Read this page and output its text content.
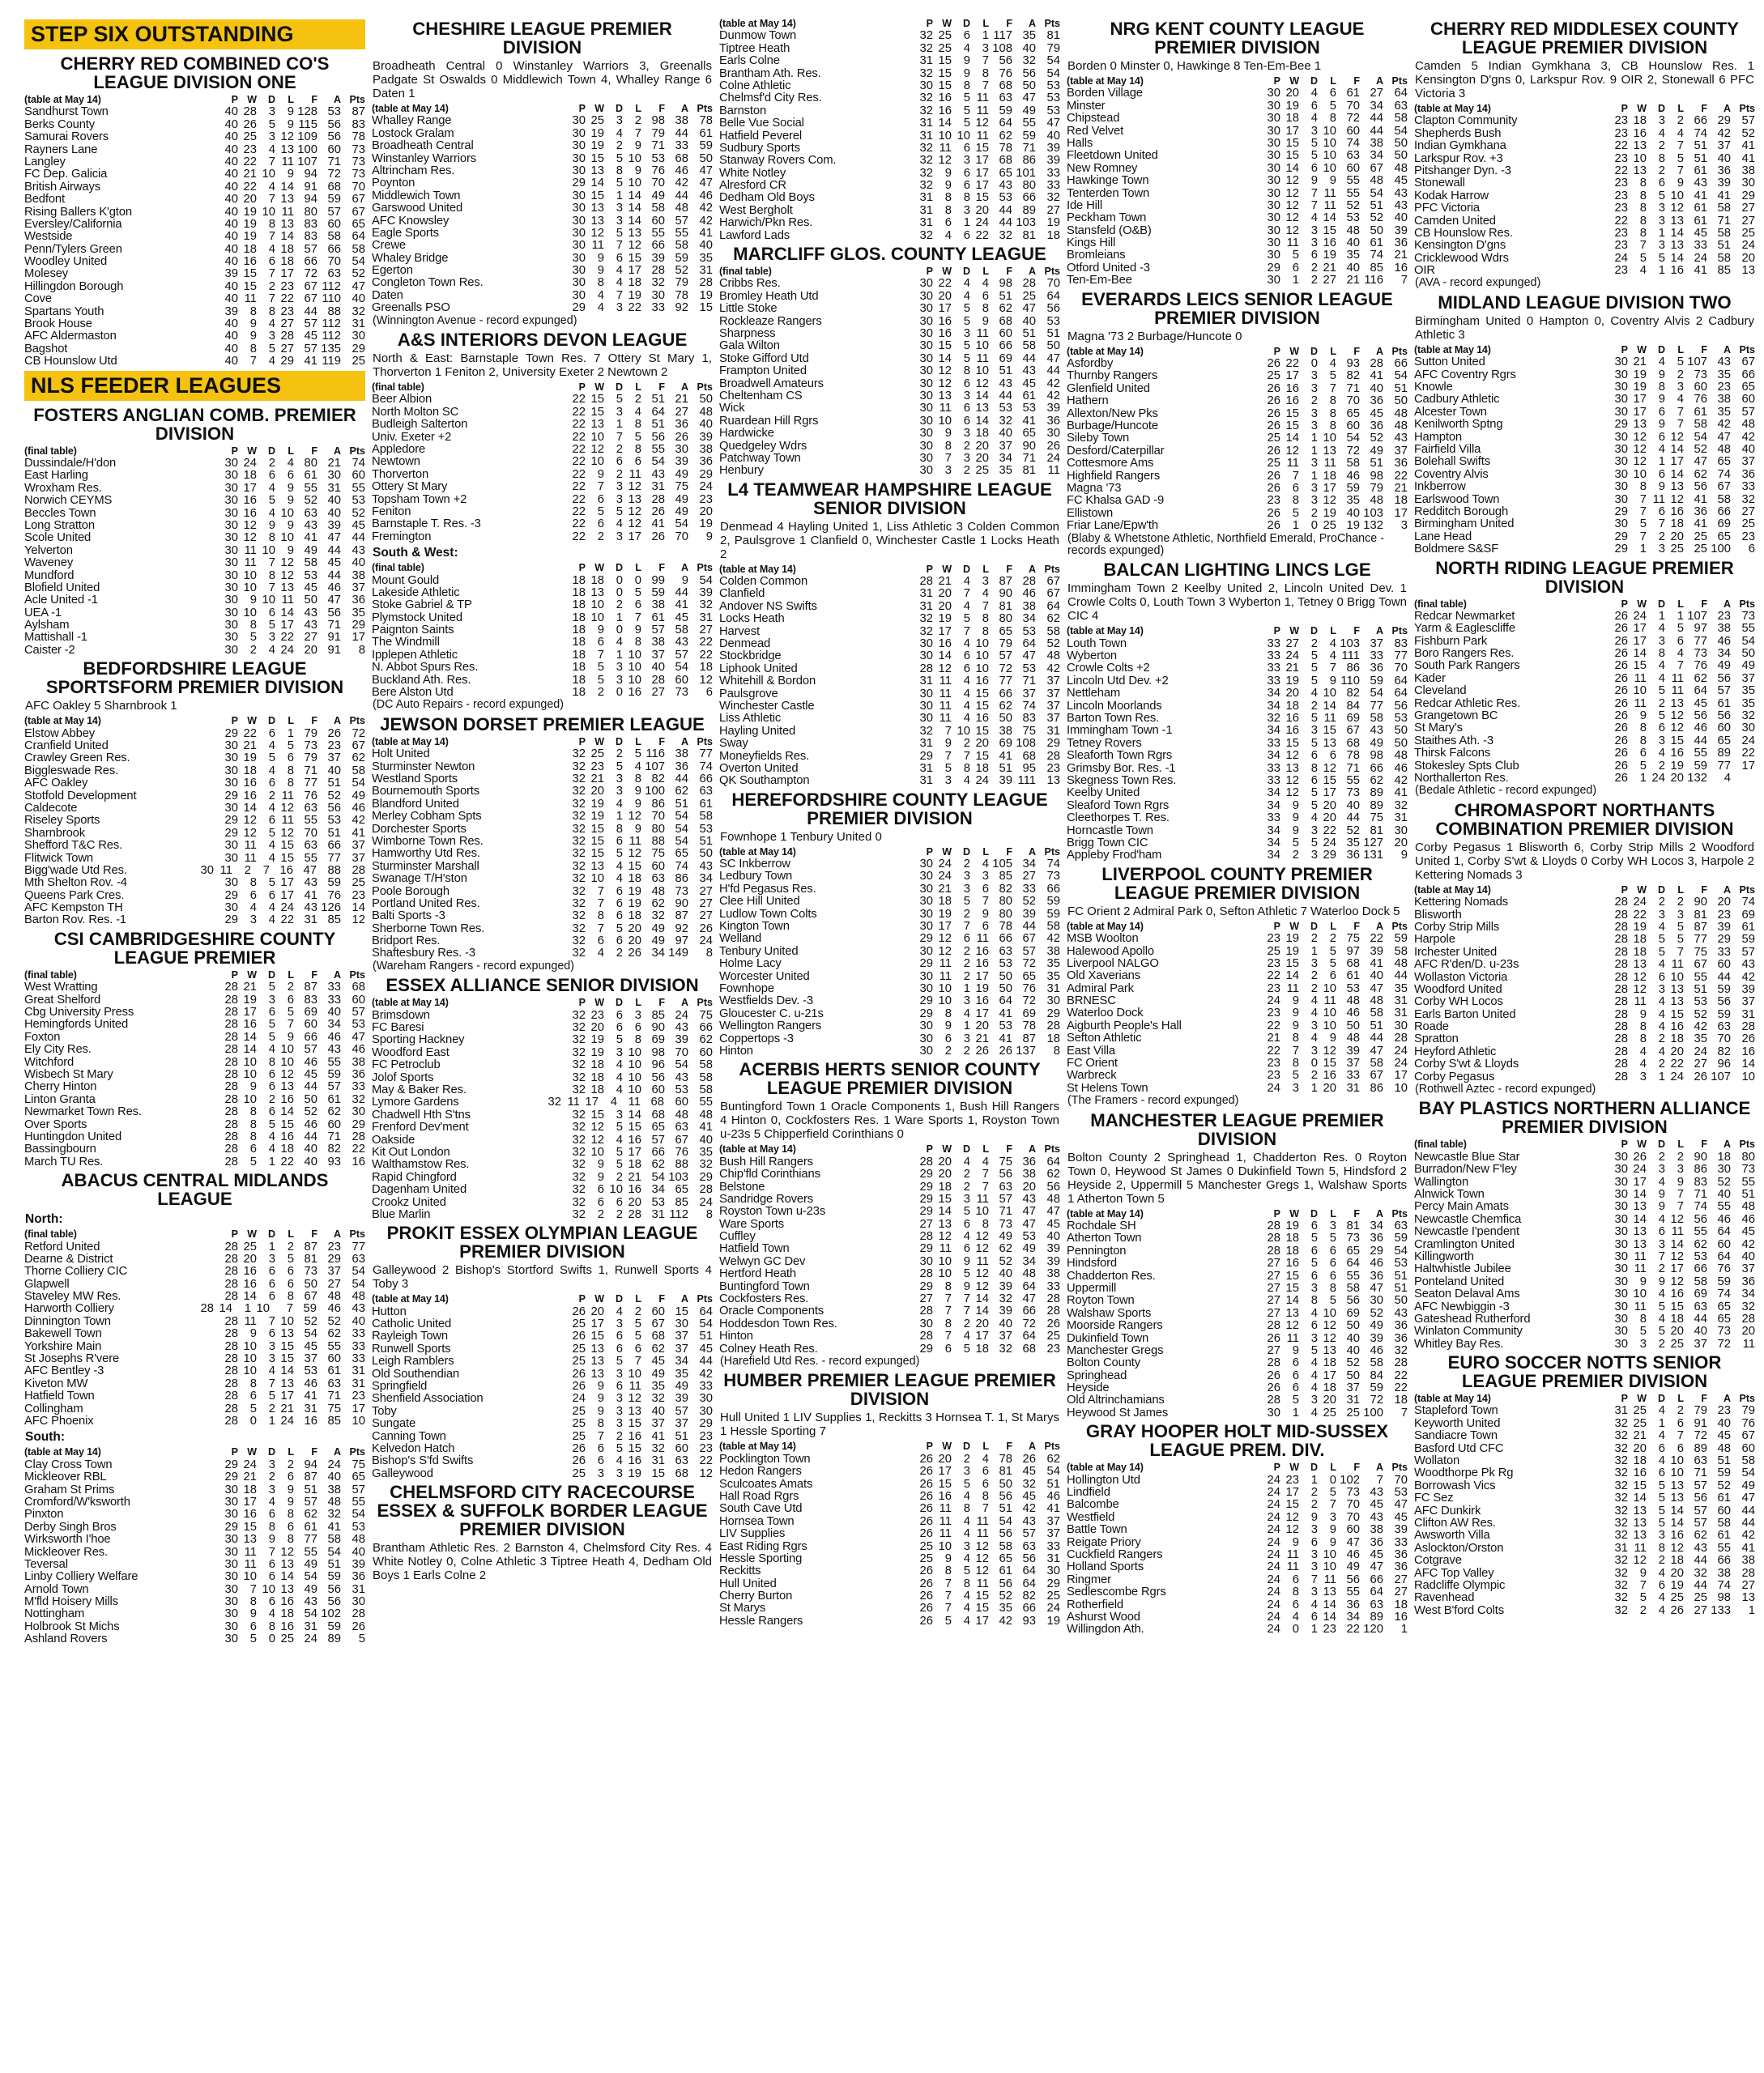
STEP SIX OUTSTANDING
CHERRY RED COMBINED CO'S LEAGUE DIVISION ONE
(table at May 14)	P W	D	L	F	A Pts
Sandhurst Town	40 28 3 9 128 53 87
Berks County	40 26 5 9 115 56 83
Samurai Rovers	40 25 3 12 109 56 78
Rayners Lane	40 23 4 13 100 60 73
Langley	40 22 7 11 107 71 73
FC Dep. Galicia	40 21 10 9 94 72 73
British Airways	40 22 4 14 91 68 70
Bedfont	40 20 7 13 94 59 67
Rising Ballers K'gton	40 19 10 11 80 57 67
Eversley/California	40 19 8 13 83 60 65
Westside	40 19 7 14 83 58 64
Penn/Tylers Green	40 18 4 18 57 66 58
Woodley United	40 16 6 18 66 70 54
Molesey	39 15 7 17 72 63 52
Hillingdon Borough	40 15 2 23 67 112 47
Cove	40 11 7 22 67 110 40
Spartans Youth	39 8 8 23 44 88 32
Brook House	40 9 4 27 57 112 31
AFC Aldermaston	40 9 3 28 45 112 30
Bagshot	40 8 5 27 57 135 29
CB Hounslow Utd	40 7 4 29 41 119 25
NLS FEEDER LEAGUES
FOSTERS ANGLIAN COMB. PREMIER DIVISION
(final table)	P W	D	L	F	A Pts
Dussindale/H'don	30 24 2 4 80 21 74
East Harling	30 18 6 6 61 30 60
Wroxham Res.	30 17 4 9 55 31 55
Norwich CEYMS	30 16 5 9 52 40 53
Beccles Town	30 16 4 10 63 40 52
Long Stratton	30 12 9 9 43 39 45
Scole United	30 12 8 10 41 47 44
Yelverton	30 11 10 9 49 44 43
Waveney	30 11 7 12 58 45 40
Mundford	30 10 8 12 53 44 38
Blofield United	30 10 7 13 45 46 37
Acle United -1	30 9 10 11 50 47 36
UEA -1	30 10 6 14 43 56 35
Aylsham	30 8 5 17 43 71 29
Mattishall -1	30 5 3 22 27 91 17
Caister -2	30 2 4 24 20 91	8
BEDFORDSHIRE LEAGUE SPORTSFORM PREMIER DIVISION
AFC Oakley 5 Sharnbrook 1
(table at May 14)	P W	D	L	F	A Pts
Elstow Abbey	29 22 6 1 79 26 72
Cranfield United	30 21 4 5 73 23 67
Crawley Green Res.	30 19 5 6 79 37 62
Biggleswade Res.	30 18 4 8 71 40 58
AFC Oakley	30 16 6 8 77 51 54
Stotfold Development	29 16 2 11 76 52 49
Caldecote	30 14 4 12 63 56 46
Riseley Sports	29 12 6 11 55 53 42
Sharnbrook	29 12 5 12 70 51 41
Shefford T&C Res.	30 11 4 15 63 66 37
Flitwick Town	30 11 4 15 55 77 37
Bigg'wade Utd Res.	30 11 2 7 16 47 88 28
Mth Shelton Rov. -4	30 8 5 17 43 59 25
Queens Park Cres.	29 6 6 17 41 76 23
AFC Kempston TH	30 4 4 24 43 126 14
Barton Rov. Res. -1	29 3 4 22 31 85 12
CSI CAMBRIDGESHIRE COUNTY LEAGUE PREMIER
(final table)	P W	D	L	F	A Pts
West Wratting	28 21 5 2 87 33 68
Great Shelford	28 19 3 6 83 33 60
Cbg University Press	28 17 6 5 69 40 57
Hemingfords United	28 16 5 7 60 34 53
Foxton	28 14 5 9 66 46 47
Ely City Res.	28 14 4 10 57 43 46
Witchford	28 10 8 10 46 55 38
Wisbech St Mary	28 10 6 12 45 59 36
Cherry Hinton	28 9 6 13 44 57 33
Linton Granta	28 10 2 16 50 61 32
Newmarket Town Res.	28 8 6 14 52 62 30
Over Sports	28 8 5 15 46 60 29
Huntingdon United	28 8 4 16 44 71 28
Bassingbourn	28 6 4 18 40 82 22
March TU Res.	28 5 1 22 40 93 16
ABACUS CENTRAL MIDLANDS LEAGUE
North:
(final table)	P W	D	L	F	A Pts
Retford United	28 25 1 2 87 23 77
Dearne & District	28 20 3 5 81 29 63
Thorne Colliery CIC	28 16 6 6 73 37 54
Glapwell	28 16 6 6 50 27 54
Staveley MW Res.	28 14 6 8 67 48 48
Harworth Colliery	28 14 1 10	7 59 46 43
Dinnington Town	28 11 7 10 52 52 40
Bakewell Town	28 9 6 13 54 62 33
Yorkshire Main	28 10 3 15 45 55 33
St Josephs R'vere	28 10 3 15 37 60 33
AFC Bentley -3	28 10 4 14 53 61 31
Kiveton MW	28 8 7 13 46 63 31
Hatfield Town	28 6 5 17 41 71 23
Collingham	28 5 2 21 31 75 17
AFC Phoenix	28 0 1 24 16 85 10
South:
(table at May 14)	P W	D	L	F	A Pts
Clay Cross Town	29 24 3 2 94 24 75
Mickleover RBL	29 21 2 6 87 40 65
Graham St Prims	30 18 3 9 51 38 57
Cromford/W'ksworth	30 17 4 9 57 48 55
Pinxton	30 16 6 8 62 32 54
Derby Singh Bros	29 15 8 6 61 41 53
Wirksworth I'hoe	30 13 9 8 77 58 48
Mickleover Res.	30 11 7 12 55 54 40
Teversal	30 11 6 13 49 51 39
Linby Colliery Welfare	30 10 6 14 54 59 36
Arnold Town	30 7 10 13 49 56 31
M'fld Hoisery Mills	30 8 6 16 43 56 30
Nottingham	30 9 4 18 54 102 28
Holbrook St Michs	30 6 8 16 31 59 26
Ashland Rovers	30 5 0 25 24 89	5
CHESHIRE LEAGUE PREMIER DIVISION
Broadheath Central 0 Winstanley Warriors 3, Greenalls Padgate St Oswalds 0 Middlewich Town 4, Whalley Range 6 Daten 1
(table at May 14)	P W	D	L	F	A Pts
Whalley Range	30 25 3 2 98 38 78
Lostock Gralam	30 19 4 7 79 44 61
Broadheath Central	30 19 2 9 71 33 59
Winstanley Warriors	30 15 5 10 53 68 50
Altrincham Res.	30 13 8 9 76 46 47
Poynton	29 14 5 10 70 42 47
Middlewich Town	30 15 1 14 49 44 46
Garswood United	30 13 3 14 58 48 42
AFC Knowsley	30 13 3 14 60 57 42
Eagle Sports	30 12 5 13 55 55 41
Crewe	30 11 7 12 66 58 40
Whaley Bridge	30 9 6 15 39 59 35
Egerton	30 9 4 17 28 52 31
Congleton Town Res.	30 8 4 18 32 79 28
Daten	30 4 7 19 30 78 19
Greenalls PSO	29 4 3 22 33 92 15
(Winnington Avenue - record expunged)
A&S INTERIORS DEVON LEAGUE
North & East: Barnstaple Town Res. 7 Ottery St Mary 1, Thorverton 1 Feniton 2, University Exeter 2 Newtown 2
(final table)	P W	D	L	F	A Pts
Beer Albion	22 15 5 2 51 21 50
North Molton SC	22 15 3 4 64 27 48
Budleigh Salterton	22 13 1 8 51 36 40
Univ. Exeter +2	22 10 7 5 56 26 39
Appledore	22 12 2 8 55 30 38
Newtown	22 10 6 6 54 39 36
Thorverton	22 9 2 11 43 49 29
Ottery St Mary	22 7 3 12 31 75 24
Topsham Town +2	22 6 3 13 28 49 23
Feniton	22 5 5 12 26 49 20
Barnstaple T. Res. -3	22 6 4 12 41 54 19
Fremington	22 2 3 17 26 70	9
South & West:
(final table)	P W	D	L	F	A Pts
Mount Gould	18 18 0 0 99	9 54
Lakeside Athletic	18 13 0 5 59 44 39
Stoke Gabriel & TP	18 10 2 6 38 41 32
Plymstock United	18 10 1 7 61 45 31
Paignton Saints	18 9 0 9 57 58 27
The Windmill	18 6 4 8 38 43 22
Ipplepen Athletic	18 7 1 10 37 57 22
N. Abbot Spurs Res.	18 5 3 10 40 54 18
Buckland Ath. Res.	18 5 3 10 28 60 12
Bere Alston Utd	18 2 0 16 27 73	6
(DC Auto Repairs - record expunged)
JEWSON DORSET PREMIER LEAGUE
(table at May 14)	P W	D	L	F	A Pts
Holt United	32 25 2 5 116 38 77
Sturminster Newton	32 23 5 4 107 36 74
Westland Sports	32 21 3 8 82 44 66
Bournemouth Sports	32 20 3 9 100 62 63
Blandford United	32 19 4 9 86 51 61
Merley Cobham Spts	32 19 1 12 70 54 58
Dorchester Sports	32 15 8 9 80 54 53
Wimborne Town Res.	32 15 6 11 88 54 51
Hamworthy Utd Res.	32 15 5 12 75 65 50
Sturminster Marshall	32 13 4 15 60 74 43
Swanage T/H'ston	32 10 4 18 63 86 34
Poole Borough	32 7 6 19 48 73 27
Portland United Res.	32 7 6 19 62 90 27
Balti Sports -3	32 8 6 18 32 87 27
Sherborne Town Res.	32 7 5 20 49 92 26
Bridport Res.	32 6 6 20 49 97 24
Shaftesbury Res. -3	32 4 2 26 34 149	8
(Wareham Rangers - record expunged)
ESSEX ALLIANCE SENIOR DIVISION
(table at May 14)	P W	D	L	F	A Pts
Brimsdown	32 23 6 3 85 24 75
FC Baresi	32 20 6 6 90 43 66
Sporting Hackney	32 19 5 8 69 39 62
Woodford East	32 19 3 10 98 70 60
FC Petroclub	32 18 4 10 96 54 58
Jolof Sports	32 18 4 10 56 43 58
May & Baker Res.	32 18 4 10 60 53 58
Lymore Gardens	32 11 17 4 11 68 60 55
Chadwell Hth S'tns	32 15 3 14 68 48 48
Frenford Dev'ment	32 12 5 15 65 63 41
Oakside	32 12 4 16 57 67 40
Kit Out London	32 10 5 17 66 76 35
Walthamstow Res.	32 9 5 18 62 88 32
Rapid Chingford	32 9 2 21 54 103 29
Dagenham United	32 6 10 16 34 65 28
Crookz United	32 6 6 20 53 85 24
Blue Marlin	32 2 2 28 31 112	8
PROKIT ESSEX OLYMPIAN LEAGUE PREMIER DIVISION
Galleywood 2 Bishop's Stortford Swifts 1, Runwell Sports 4 Toby 3
(table at May 14)	P W	D	L	F	A Pts
Hutton	26 20 4 2 60 15 64
Catholic United	25 17 3 5 67 30 54
Rayleigh Town	26 15 6 5 68 37 51
Runwell Sports	25 13 6 6 62 37 45
Leigh Ramblers	25 13 5 7 45 34 44
Old Southendian	26 13 3 10 49 35 42
Springfield	26 9 6 11 35 49 33
Shenfield Association	24 9 3 12 32 39 30
Toby	25 9 3 13 40 57 30
Sungate	25 8 3 15 37 37 29
Canning Town	25 7 2 16 41 51 23
Kelvedon Hatch	26 6 5 15 32 60 23
Bishop's S'fd Swifts	26 6 4 16 31 63 22
Galleywood	25 3 3 19 15 68 12
CHELMSFORD CITY RACECOURSE ESSEX & SUFFOLK BORDER LEAGUE PREMIER DIVISION
Brantham Athletic Res. 2 Barnston 4, Chelmsford City Res. 4 White Notley 0, Colne Athletic 3 Tiptree Heath 4, Dedham Old Boys 1 Earls Colne 2
(table at May 14)	P W	D	L	F	A Pts
Dunmow Town	32 25 6 1 117 35 81
Tiptree Heath	32 25 4 3 108 40 79
Earls Colne	31 15 9 7 56 32 54
Brantham Ath. Res.	32 15 9 8 76 56 54
Colne Athletic	30 15 8 7 68 50 53
Chelmsf'd City Res.	32 16 5 11 63 47 53
Barnston	32 16 5 11 59 49 53
Belle Vue Social	31 14 5 12 64 55 47
Hatfield Peverel	31 10 10 11 62 59 40
Sudbury Sports	32 11 6 15 78 71 39
Stanway Rovers Com.	32 12 3 17 68 86 39
White Notley	32 9 6 17 65 101 33
Alresford CR	32 9 6 17 43 80 33
Dedham Old Boys	31 8 8 15 53 66 32
West Bergholt	31 8 3 20 44 89 27
Harwich/Pkn Res.	31 6 1 24 44 103 19
Lawford Lads	32 4 6 22 32 81 18
MARCLIFF GLOS. COUNTY LEAGUE
(final table)	P W	D	L	F	A Pts
Cribbs Res.	30 22 4 4 98 28 70
Bromley Heath Utd	30 20 4 6 51 25 64
Little Stoke	30 17 5 8 62 47 56
Rockleaze Rangers	30 16 5 9 68 40 53
Sharpness	30 16 3 11 60 51 51
Gala Wilton	30 15 5 10 66 58 50
Stoke Gifford Utd	30 14 5 11 69 44 47
Frampton United	30 12 8 10 51 43 44
Broadwell Amateurs	30 12 6 12 43 45 42
Cheltenham CS	30 13 3 14 44 61 42
Wick	30 11 6 13 53 53 39
Ruardean Hill Rgrs	30 10 6 14 32 41 36
Hardwicke	30 9 3 18 40 65 30
Quedgeley Wdrs	30 8 2 20 37 90 26
Patchway Town	30 7 3 20 34 71 24
Henbury	30 3 2 25 35 81 11
L4 TEAMWEAR HAMPSHIRE LEAGUE SENIOR DIVISION
Denmead 4 Hayling United 1, Liss Athletic 3 Colden Common 2, Paulsgrove 1 Clanfield 0, Winchester Castle 1 Locks Heath 2
(table at May 14)	P W	D	L	F	A Pts
Colden Common	28 21 4 3 87 28 67
Clanfield	31 20 7 4 90 46 67
Andover NS Swifts	31 20 4 7 81 38 64
Locks Heath	32 19 5 8 80 34 62
Harvest	32 17 7 8 65 53 58
Denmead	30 16 4 10 79 64 52
Stockbridge	30 14 6 10 57 47 48
Liphook United	28 12 6 10 72 53 42
Whitehill & Bordon	31 11 4 16 77 71 37
Paulsgrove	30 11 4 15 66 37 37
Winchester Castle	30 11 4 15 62 74 37
Liss Athletic	30 11 4 16 50 83 37
Hayling United	32 7 10 15 38 75 31
Sway	31 9 2 20 69 108 29
Moneyfields Res.	29 7 7 15 41 68 28
Overton United	31 5 8 18 51 95 23
QK Southampton	31 3 4 24 39 111 13
HEREFORDSHIRE COUNTY LEAGUE PREMIER DIVISION
Fownhope 1 Tenbury United 0
(table at May 14)	P W	D	L	F	A Pts
SC Inkberrow	30 24 2 4 105 34 74
Ledbury Town	30 24 3 3 85 27 73
H'fd Pegasus Res.	30 21 3 6 82 33 66
Clee Hill United	30 18 5 7 80 52 59
Ludlow Town Colts	30 19 2 9 80 39 59
Kington Town	30 17 7 6 78 44 58
Welland	29 12 6 11 66 67 42
Tenbury United	30 12 2 16 63 57 38
Holme Lacy	29 11 2 16 53 72 35
Worcester United	30 11 2 17 50 65 35
Fownhope	30 10 1 19 50 76 31
Westfields Dev. -3	29 10 3 16 64 72 30
Gloucester C. u-21s	29 8 4 17 41 69 29
Wellington Rangers	30 9 1 20 53 78 28
Coppertops -3	30 6 3 21 41 87 18
Hinton	30 2 2 26 26 137	8
ACERBIS HERTS SENIOR COUNTY LEAGUE PREMIER DIVISION
Buntingford Town 1 Oracle Components 1, Bush Hill Rangers 4 Hinton 0, Cockfosters Res. 1 Ware Sports 1, Royston Town u-23s 5 Chipperfield Corinthians 0
(table at May 14)	P W	D	L	F	A Pts
Bush Hill Rangers	28 20 4 4 75 36 64
Chip'fld Corinthians	29 20 2 7 56 38 62
Belstone	29 18 2 7 63 20 56
Sandridge Rovers	29 15 3 11 57 43 48
Royston Town u-23s	29 14 5 10 71 47 47
Ware Sports	27 13 6 8 73 47 45
Cuffley	28 12 4 12 49 53 40
Hatfield Town	29 11 6 12 62 49 39
Welwyn GC Dev	30 10 9 11 52 34 39
Hertford Heath	28 10 5 12 40 48 38
Buntingford Town	29 8 9 12 39 64 33
Cockfosters Res.	27 7 7 14 32 47 28
Oracle Components	28 7 7 14 39 66 28
Hoddesdon Town Res.	30 8 2 20 40 72 26
Hinton	28 7 4 17 37 64 25
Colney Heath Res.	29 6 5 18 32 68 23
(Harefield Utd Res. - record expunged)
HUMBER PREMIER LEAGUE PREMIER DIVISION
Hull United 1 LIV Supplies 1, Reckitts 3 Hornsea T. 1, St Marys 1 Hessle Sporting 7
(table at May 14)	P W	D	L	F	A Pts
Pocklington Town	26 20 2 4 78 26 62
Hedon Rangers	26 17 3 6 81 45 54
Sculcoates Amats	26 15 5 6 50 32 51
Hall Road Rgrs	26 16 4 8 56 45 46
South Cave Utd	26 11 8 7 51 42 41
Hornsea Town	26 11 4 11 54 43 37
LIV Supplies	26 11 4 11 56 57 37
East Riding Rgrs	25 10 3 12 58 63 33
Hessle Sporting	25 9 4 12 65 56 31
Reckitts	26 8 5 12 61 64 30
Hull United	26 7 8 11 56 64 29
Cherry Burton	26 7 4 15 52 82 25
St Marys	26 7 4 15 35 66 24
Hessle Rangers	26 5 4 17 42 93 19
NRG KENT COUNTY LEAGUE PREMIER DIVISION
Borden 0 Minster 0, Hawkinge 8 Ten-Em-Bee 1
(table at May 14)	P W	D	L	F	A Pts
Borden Village	30 20 4 6 61 27 64
Minster	30 19 6 5 70 34 63
Chipstead	30 18 4 8 72 44 58
Red Velvet	30 17 3 10 60 44 54
Halls	30 15 5 10 74 38 50
Fleetdown United	30 15 5 10 63 34 50
New Romney	30 14 6 10 60 67 48
Hawkinge Town	30 12 9 9 55 48 45
Tenterden Town	30 12 7 11 55 54 43
Ide Hill	30 12 7 11 52 51 43
Peckham Town	30 12 4 14 53 52 40
Stansfeld (O&B)	30 12 3 15 48 50 39
Kings Hill	30 11 3 16 40 61 36
Bromleians	30 5 6 19 35 74 21
Otford United -3	29 6 2 21 40 85 16
Ten-Em-Bee	30 1 2 27 21 116	7
EVERARDS LEICS SENIOR LEAGUE PREMIER DIVISION
Magna '73 2 Burbage/Huncote 0
(table at May 14)	P W	D	L	F	A Pts
Asfordby	26 22 0 4 93 28 66
Thurnby Rangers	25 17 3 5 82 41 54
Glenfield United	26 16 3 7 71 40 51
Hathern	26 16 2 8 70 36 50
Allexton/New Pks	26 15 3 8 65 45 48
Burbage/Huncote	26 15 3 8 60 36 48
Sileby Town	25 14 1 10 54 52 43
Desford/Caterpillar	26 12 1 13 72 49 37
Cottesmore Ams	25 11 3 11 58 51 36
Highfield Rangers	26 7 1 18 46 98 22
Magna '73	26 6 3 17 59 79 21
FC Khalsa GAD -9	23 8 3 12 35 48 18
Ellistown	26 5 2 19 40 103 17
Friar Lane/Epw'th	26 1 0 25 19 132	3
(Blaby & Whetstone Athletic, Northfield Emerald, ProChance - records expunged)
BALCAN LIGHTING LINCS LGE
Immingham Town 2 Keelby United 2, Lincoln United Dev. 1 Crowle Colts 0, Louth Town 3 Wyberton 1, Tetney 0 Brigg Town CIC 4
(table at May 14)	P W	D	L	F	A Pts
Louth Town	33 27 2 4 103 37 83
Wyberton	33 24 5 4 111 33 77
Crowle Colts +2	33 21 5 7 86 36 70
Lincoln Utd Dev. +2	33 19 5 9 110 59 64
Nettleham	34 20 4 10 82 54 64
Lincoln Moorlands	34 18 2 14 84 77 56
Barton Town Res.	32 16 5 11 69 58 53
Immingham Town -1	34 16 3 15 67 43 50
Tetney Rovers	33 15 5 13 68 49 50
Sleaforth Town Rgrs	34 12 6 6 78 98 48
Grimsby Bor. Res. -1	33 13 8 12 71 66 46
Skegness Town Res.	33 12 6 15 55 62 42
Keelby United	34 12 5 17 73 89 41
Sleaford Town Rgrs	34 9 5 20 40 89 32
Cleethorpes T. Res.	33 9 4 20 44 75 31
Horncastle Town	34 9 3 22 52 81 30
Brigg Town CIC	34 5 5 24 35 127 20
Appleby Frod'ham	34 2 3 29 36 131	9
LIVERPOOL COUNTY PREMIER LEAGUE PREMIER DIVISION
FC Orient 2 Admiral Park 0, Sefton Athletic 7 Waterloo Dock 5
(table at May 14)	P W	D	L	F	A Pts
MSB Woolton	23 19 2 2 75 22 59
Halewood Apollo	25 19 1 5 97 39 58
Liverpool NALGO	23 15 3 5 68 41 48
Old Xaverians	22 14 2 6 61 40 44
Admiral Park	23 11 2 10 53 47 35
BRNESC	24 9 4 11 48 48 31
Waterloo Dock	23 9 4 10 46 58 31
Aigburth People's Hall	22 9 3 10 50 51 30
Sefton Athletic	21 8 4 9 48 44 28
East Villa	22 7 3 12 39 47 24
FC Orient	23 8 0 15 37 58 24
Warbreck	23 5 2 16 33 67 17
St Helens Town	24 3 1 20 31 86 10
(The Framers - record expunged)
MANCHESTER LEAGUE PREMIER DIVISION
Bolton County 2 Springhead 1, Chadderton Res. 0 Royton Town 0, Heywood St James 0 Dukinfield Town 5, Hindsford 2 Heyside 2, Uppermill 5 Manchester Gregs 1, Walshaw Sports 1 Atherton Town 5
(table at May 14)	P W	D	L	F	A Pts
Rochdale SH	28 19 6 3 81 34 63
Atherton Town	28 18 5 5 73 36 59
Pennington	28 18 6 6 65 29 54
Hindsford	27 16 5 6 64 46 53
Chadderton Res.	27 15 6 6 55 36 51
Uppermill	27 15 3 8 58 47 51
Royton Town	27 14 8 5 56 30 50
Walshaw Sports	27 13 4 10 69 52 43
Moorside Rangers	28 12 6 12 50 49 36
Dukinfield Town	26 11 3 12 40 39 36
Manchester Gregs	27 9 5 13 40 46 32
Bolton County	28 6 4 18 52 58 28
Springhead	26 6 4 17 50 84 22
Heyside	26 6 4 18 37 59 22
Old Altrinchamians	28 5 3 20 31 72 18
Heywood St James	30 1 4 25 25 100	7
GRAY HOOPER HOLT MID-SUSSEX LEAGUE PREM. DIV.
(table at May 14)	P W	D	L	F	A Pts
Hollington Utd	24 23 1 0 102	7 70
Lindfield	24 17 2 5 73 43 53
Balcombe	24 15 2 7 70 45 47
Westfield	24 12 9 3 70 43 45
Battle Town	24 12 3 9 60 38 39
Reigate Priory	24 9 6 9 47 36 33
Cuckfield Rangers	24 11 3 10 46 45 36
Holland Sports	24 11 3 10 49 47 36
Ringmer	24 6 7 11 56 66 27
Sedlescombe Rgrs	24 8 3 13 55 64 27
Rotherfield	24 6 4 14 36 63 18
Ashurst Wood	24 4 6 14 34 89 16
Willingdon Ath.	24 0 1 23 22 120	1
CHERRY RED MIDDLESEX COUNTY LEAGUE PREMIER DIVISION
Camden 5 Indian Gymkhana 3, CB Hounslow Res. 1 Kensington D'gns 0, Larkspur Rov. 9 OIR 2, Stonewall 6 PFC Victoria 3
(table at May 14)	P W	D	L	F	A Pts
Clapton Community	23 18 3 2 66 29 57
Shepherds Bush	23 16 4 4 74 42 52
Indian Gymkhana	22 13 2 7 51 37 41
Larkspur Rov. +3	23 10 8 5 51 40 41
Pitshanger Dyn. -3	22 13 2 7 61 36 38
Stonewall	23 8 6 9 43 39 30
Kodak Harrow	23 8 5 10 41 41 29
PFC Victoria	23 8 3 12 61 58 27
Camden United	22 8 3 13 61 71 27
CB Hounslow Res.	23 8 1 14 45 58 25
Kensington D'gns	23 7 3 13 33 51 24
Cricklewood Wdrs	24 5 5 14 24 58 20
OIR	23 4 1 16 41 85 13
(AVA - record expunged)
MIDLAND LEAGUE DIVISION TWO
Birmingham United 0 Hampton 0, Coventry Alvis 2 Cadbury Athletic 3
(table at May 14)	P W	D	L	F	A Pts
Sutton United	30 21 4 5 107 43 67
AFC Coventry Rgrs	30 19 9 2 73 35 66
Knowle	30 19 8 3 60 23 65
Cadbury Athletic	30 17 9 4 76 38 60
Alcester Town	30 17 6 7 61 35 57
Kenilworth Sptng	29 13 9 7 58 42 48
Hampton	30 12 6 12 54 47 42
Fairfield Villa	30 12 4 14 52 48 40
Bolehall Swifts	30 12 1 17 47 65 37
Coventry Alvis	30 10 6 14 62 74 36
Inkberrow	30 8 9 13 56 67 33
Earlswood Town	30 7 11 12 41 58 32
Redditch Borough	29 7 6 16 36 66 27
Birmingham United	30 5 7 18 41 69 25
Lane Head	29 7 2 20 25 65 23
Boldmere S&SF	29 1 3 25 25 100	6
NORTH RIDING LEAGUE PREMIER DIVISION
(final table)	P W	D	L	F	A Pts
Redcar Newmarket	26 24 1 1 107 23 73
Yarm & Eaglescliffe	26 17 4 5 97 38 55
Fishburn Park	26 17 3 6 77 46 54
Boro Rangers Res.	26 14 8 4 73 34 50
South Park Rangers	26 15 4 7 76 49 49
Kader	26 11 4 11 62 56 37
Cleveland	26 10 5 11 64 57 35
Redcar Athletic Res.	26 11 2 13 45 61 35
Grangetown BC	26 9 5 12 56 56 32
St Mary's	26 8 6 12 46 60 30
Staithes Ath. -3	26 8 3 15 44 65 24
Thirsk Falcons	26 6 4 16 55 89 22
Stokesley Spts Club	26 5 2 19 59 77 17
Northallerton Res.	26 1 24 20 132	4
(Bedale Athletic - record expunged)
CHROMASPORT NORTHANTS COMBINATION PREMIER DIVISION
Corby Pegasus 1 Blisworth 6, Corby Strip Mills 2 Woodford United 1, Corby S'wt & Lloyds 0 Corby WH Locos 3, Harpole 2 Kettering Nomads 3
(table at May 14)	P W	D	L	F	A Pts
Kettering Nomads	28 24 2 2 90 20 74
Blisworth	28 22 3 3 81 23 69
Corby Strip Mills	28 19 4 5 87 39 61
Harpole	28 18 5 5 77 29 59
Irchester United	28 18 5 7 75 33 57
AFC R'den/D. u-23s	28 13 4 11 67 60 43
Wollaston Victoria	28 12 6 10 55 44 42
Woodford United	28 12 3 13 51 59 39
Corby WH Locos	28 11 4 13 53 56 37
Earls Barton United	28 9 4 15 52 59 31
Roade	28 8 4 16 42 63 28
Spratton	28 8 2 18 35 70 26
Heyford Athletic	28 4 4 20 24 82 16
Corby S'wt & Lloyds	28 4 2 22 27 96 14
Corby Pegasus	28 3 1 24 26 107 10
(Rothwell Aztec - record expunged)
BAY PLASTICS NORTHERN ALLIANCE PREMIER DIVISION
(final table)	P W	D	L	F	A Pts
Newcastle Blue Star	30 26 2 2 90 18 80
Burradon/New F'ley	30 24 3 3 86 30 73
Wallington	30 17 4 9 83 52 55
Alnwick Town	30 14 9 7 71 40 51
Percy Main Amats	30 13 9 7 74 55 48
Newcastle Chemfica	30 14 4 12 56 46 46
Newcastle I'pendent	30 13 6 11 55 64 45
Cramlington United	30 13 3 14 62 60 42
Killingworth	30 11 7 12 53 64 40
Haltwhistle Jubilee	30 11 2 17 66 76 37
Ponteland United	30 9 9 12 58 59 36
Seaton Delaval Ams	30 10 4 16 69 74 34
AFC Newbiggin -3	30 11 5 15 63 65 32
Gateshead Rutherford	30 8 4 18 44 65 28
Winlaton Community	30 5 5 20 40 73 20
Whitley Bay Res.	30 3 2 25 37 72 11
EURO SOCCER NOTTS SENIOR LEAGUE PREMIER DIVISION
(table at May 14)	P W	D	L	F	A Pts
Stapleford Town	31 25 4 2 79 23 79
Keyworth United	32 25 1 6 91 40 76
Sandiacre Town	32 21 4 7 72 45 67
Basford Utd CFC	32 20 6 6 89 48 60
Wollaton	32 18 4 10 63 51 58
Woodthorpe Pk Rg	32 16 6 10 71 59 54
Borrowash Vics	32 15 5 13 57 52 49
FC Sez	32 14 5 13 56 61 47
AFC Dunkirk	32 13 5 14 57 60 44
Clifton AW Res.	32 13 5 14 57 58 44
Awsworth Villa	32 13 3 16 62 61 42
Aslockton/Orston	31 11 8 12 43 55 41
Cotgrave	32 12 2 18 44 66 38
AFC Top Valley	32 9 4 20 32 38 28
Radcliffe Olympic	32 7 6 19 44 74 27
Ravenhead	32 5 4 25 25 98 13
West B'ford Colts	32 2 4 26 27 133	1
